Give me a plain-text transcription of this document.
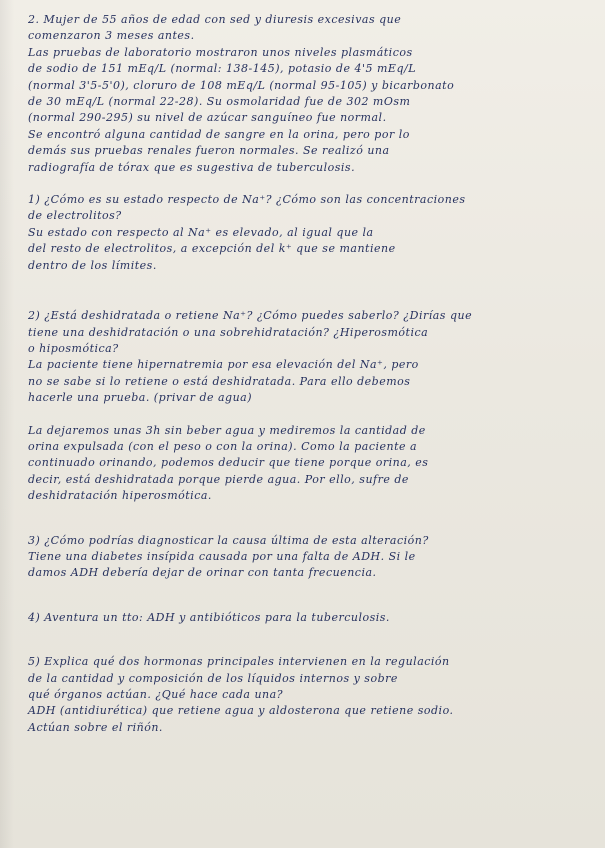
2. Mujer de 55 años de edad con sed y diuresis excesivas que
comenzaron 3 meses antes.
Las pruebas de laboratorio mostraron unos niveles plasmáticos
de sodio de 151 mEq/L (normal: 138-145), potasio de 4'5 mEq/L
(normal 3'5-5'0), cloruro de 108 mEq/L (normal 95-105) y bicarbonato
de 30 mEq/L (normal 22-28). Su osmolaridad fue de 302 mOsm
(normal 290-295) su nivel de azúcar sanguíneo fue normal.
Se encontró alguna cantidad de sangre en la orina, pero por lo
demás sus pruebas renales fueron normales. Se realizó una
radiografía de tórax que es sugestiva de tuberculosis.

1) ¿Cómo es su estado respecto de Na⁺? ¿Cómo son las concentraciones
de electrolitos?

Su estado con respecto al Na⁺ es elevado, al igual que la
del resto de electrolitos, a excepción del k⁺ que se mantiene
dentro de los límites.

2) ¿Está deshidratada o retiene Na⁺? ¿Cómo puedes saberlo? ¿Dirías que
tiene una deshidratación o una sobrehidratación? ¿Hiperosmótica
o hiposmótica?

La paciente tiene hipernatremia por esa elevación del Na⁺, pero
no se sabe si lo retiene o está deshidratada. Para ello debemos
hacerle una prueba. (privar de agua)

La dejaremos unas 3h sin beber agua y mediremos la cantidad de
orina expulsada (con el peso o con la orina). Como la paciente a
continuado orinando, podemos deducir que tiene porque orina, es
decir, está deshidratada porque pierde agua. Por ello, sufre de
deshidratación hiperosmótica.

3) ¿Cómo podrías diagnosticar la causa última de esta alteración?

Tiene una diabetes insípida causada por una falta de ADH. Si le
damos ADH debería dejar de orinar con tanta frecuencia.

4) Aventura un tto: ADH y antibióticos para la tuberculosis.

5) Explica qué dos hormonas principales intervienen en la regulación
de la cantidad y composición de los líquidos internos y sobre
qué órganos actúan. ¿Qué hace cada una?

ADH (antidiurética) que retiene agua y aldosterona que retiene sodio.
Actúan sobre el riñón.
